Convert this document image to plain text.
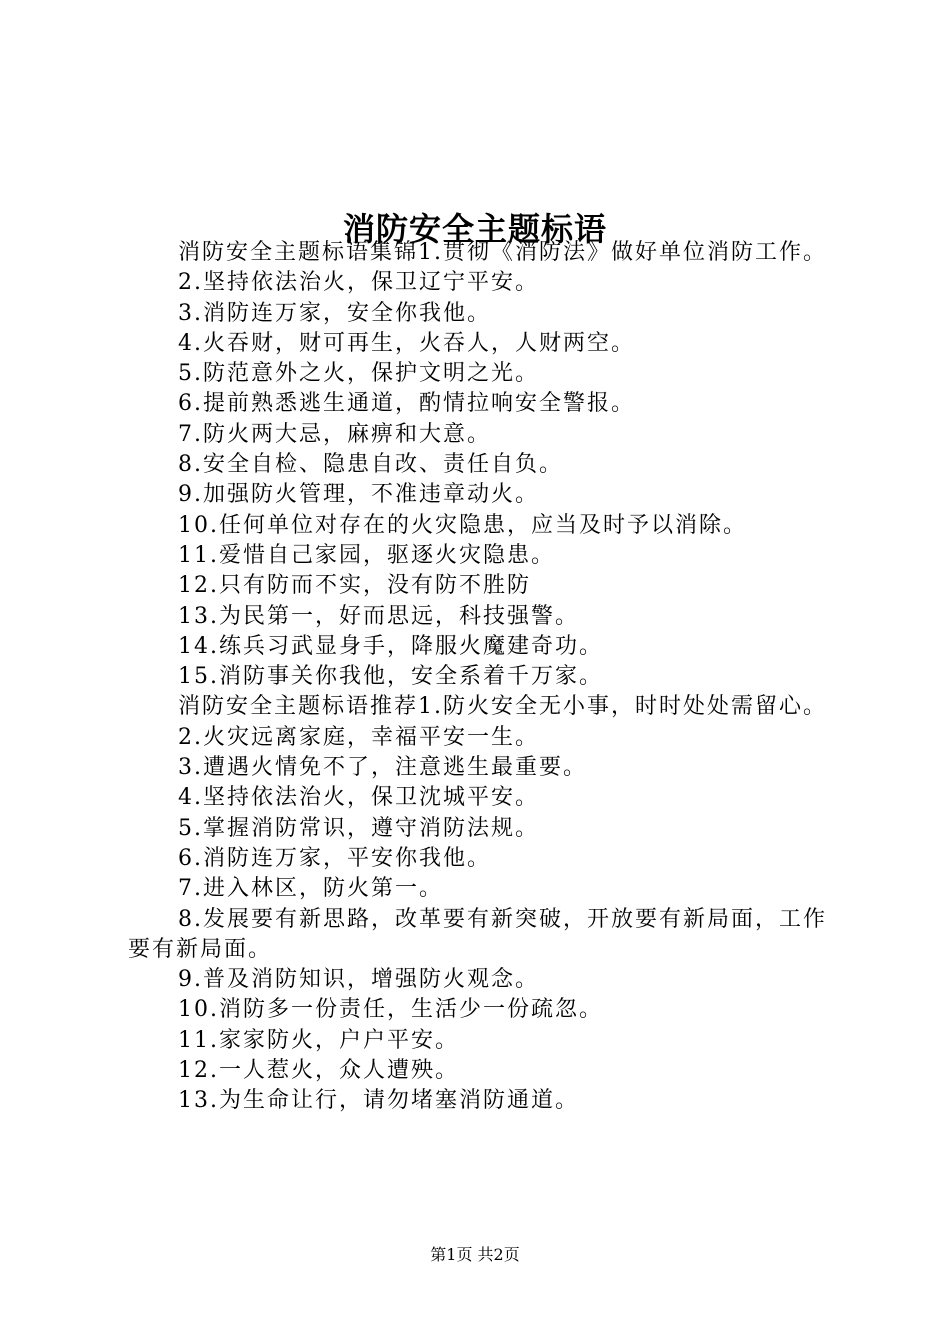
消防安全主题标语

消防安全主题标语集锦1.贯彻《消防法》做好单位消防工作。

2.坚持依法治火，保卫辽宁平安。

3.消防连万家，安全你我他。

4.火吞财，财可再生，火吞人，人财两空。

5.防范意外之火，保护文明之光。

6.提前熟悉逃生通道，酌情拉响安全警报。

7.防火两大忌，麻痹和大意。

8.安全自检、隐患自改、责任自负。

9.加强防火管理，不准违章动火。

10.任何单位对存在的火灾隐患，应当及时予以消除。

11.爱惜自己家园，驱逐火灾隐患。

12.只有防而不实，没有防不胜防

13.为民第一，好而思远，科技强警。

14.练兵习武显身手，降服火魔建奇功。

15.消防事关你我他，安全系着千万家。

消防安全主题标语推荐1.防火安全无小事，时时处处需留心。

2.火灾远离家庭，幸福平安一生。

3.遭遇火情免不了，注意逃生最重要。

4.坚持依法治火，保卫沈城平安。

5.掌握消防常识，遵守消防法规。

6.消防连万家，平安你我他。

7.进入林区，防火第一。

8.发展要有新思路，改革要有新突破，开放要有新局面，工作要有新局面。

9.普及消防知识，增强防火观念。

10.消防多一份责任，生活少一份疏忽。

11.家家防火，户户平安。

12.一人惹火，众人遭殃。

13.为生命让行，请勿堵塞消防通道。

第1页 共2页
